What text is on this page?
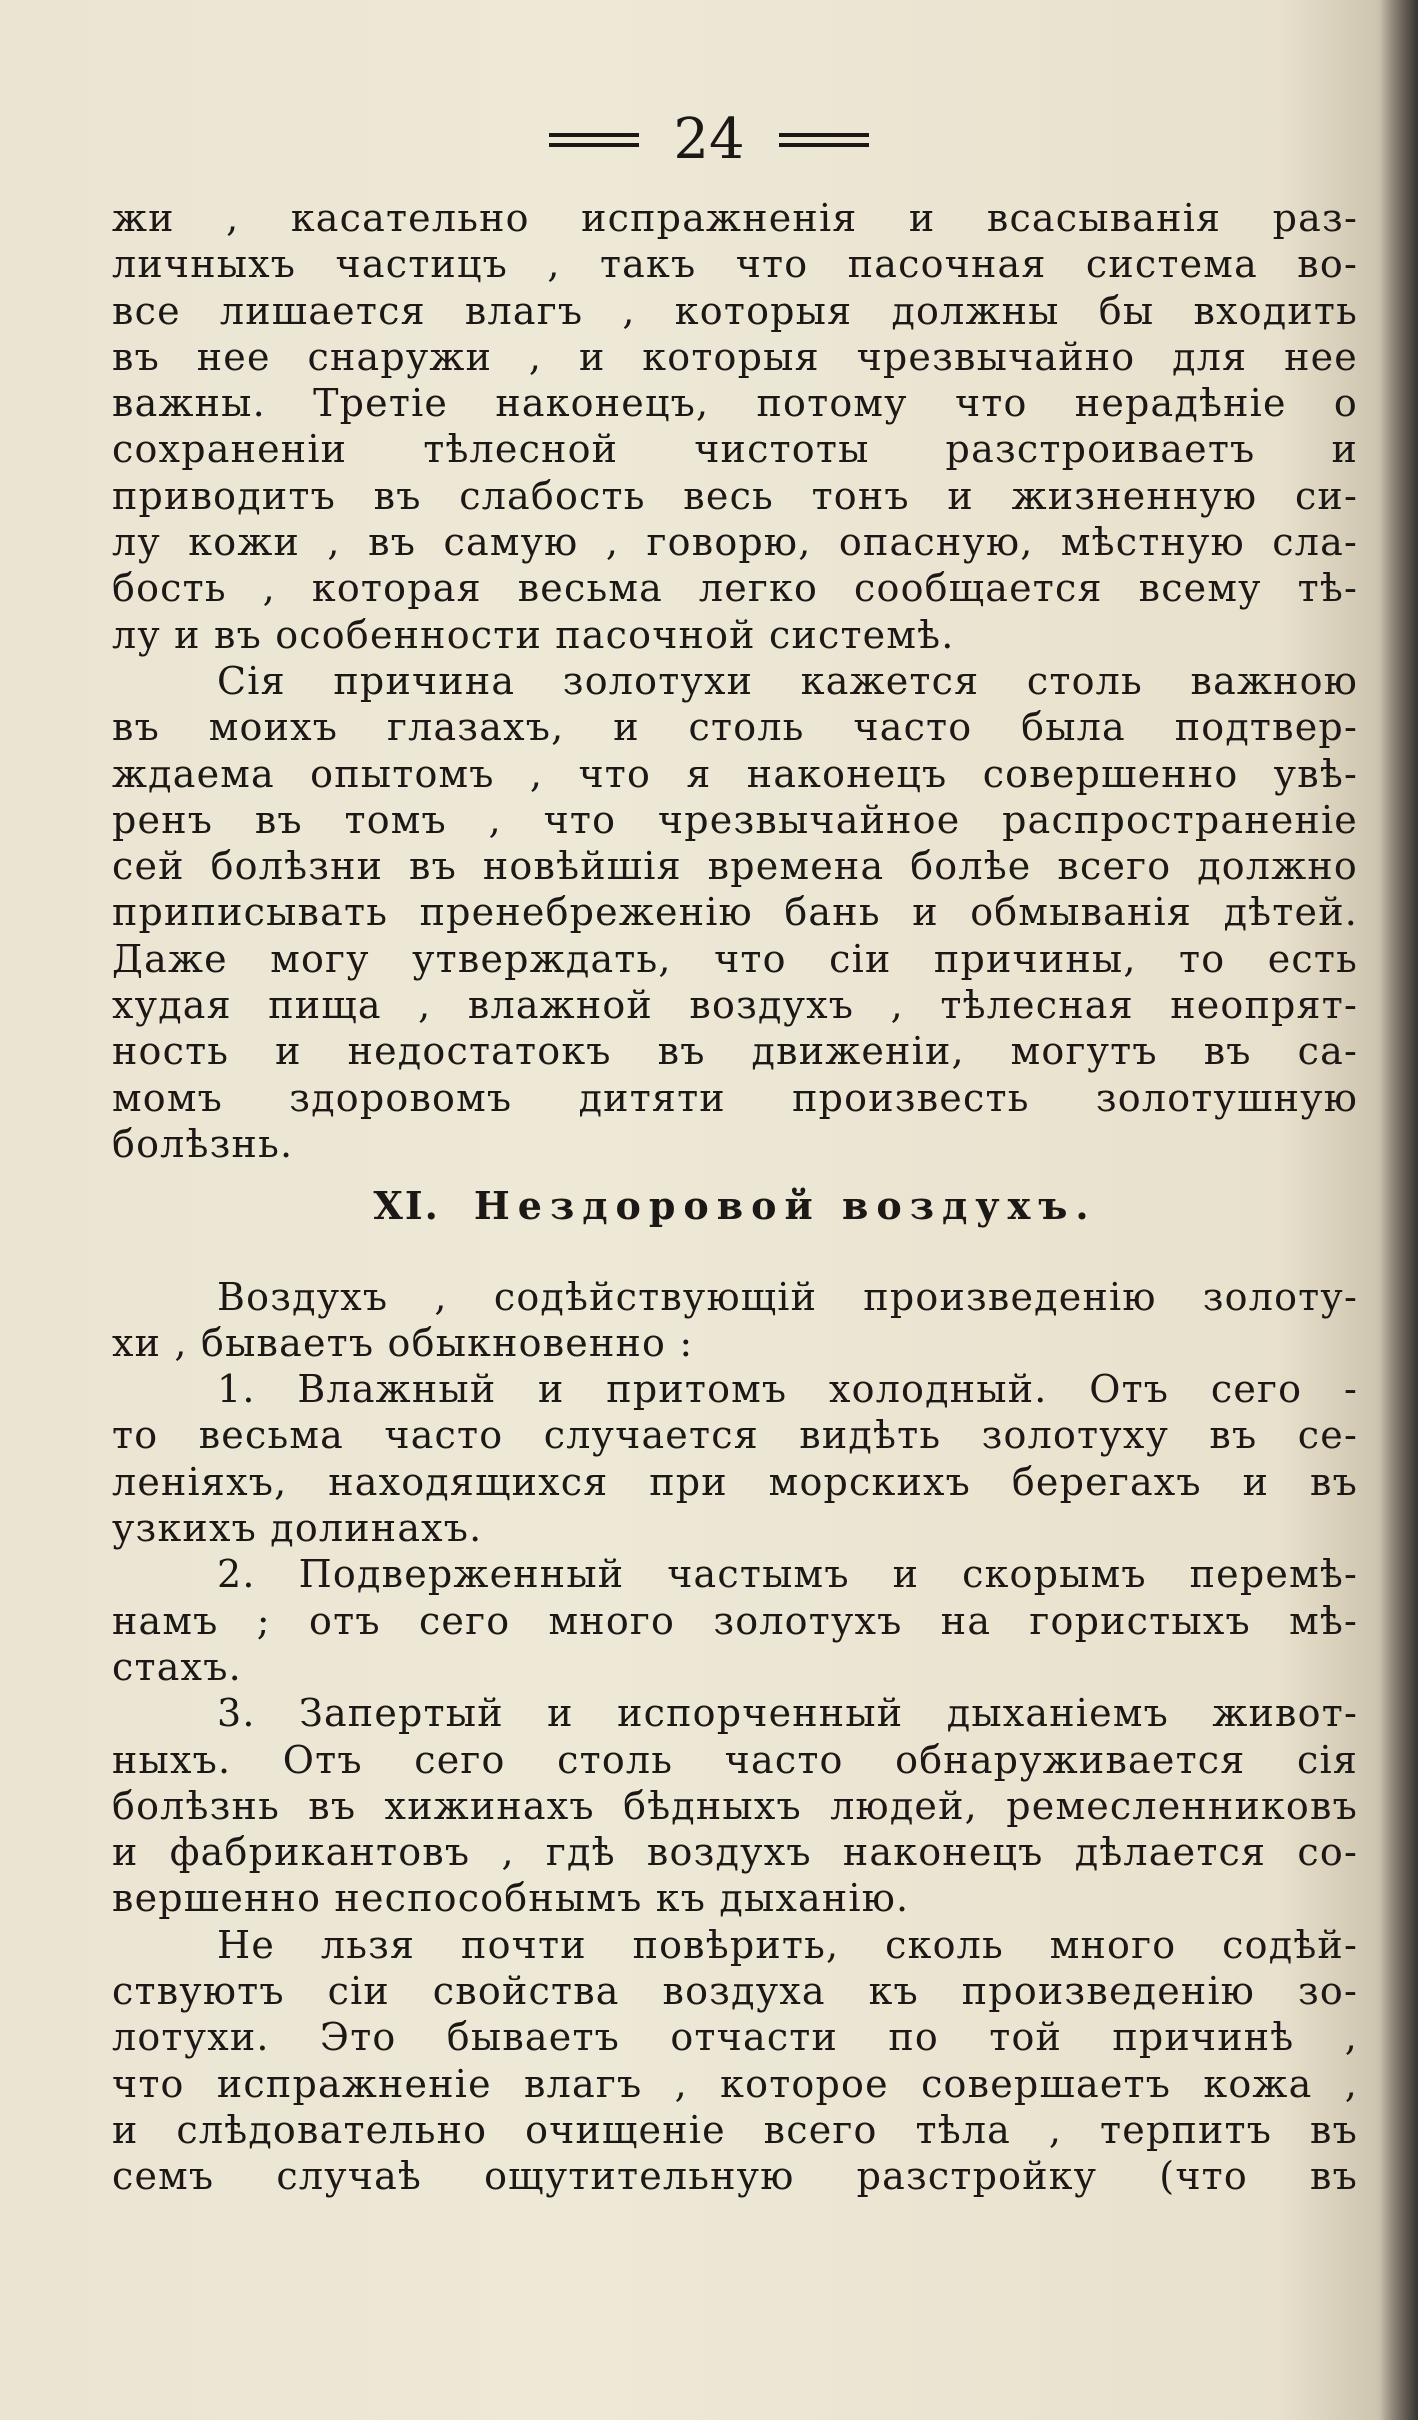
24
жи , касательно испражненія и всасыванія раз-
личныхъ частицъ , такъ что пасочная система во-
все лишается влагъ , которыя должны бы входить
въ нее снаружи , и которыя чрезвычайно для нее
важны. Третіе наконецъ, потому что нерадѣніе о
сохраненіи тѣлесной чистоты разстроиваетъ и
приводитъ въ слабость весь тонъ и жизненную си-
лу кожи , въ самую , говорю, опасную, мѣстную сла-
бость , которая весьма легко сообщается всему тѣ-
лу и въ особенности пасочной системѣ.
Сія причина золотухи кажется столь важною
въ моихъ глазахъ, и столь часто была подтвер-
ждаема опытомъ , что я наконецъ совершенно увѣ-
ренъ въ томъ , что чрезвычайное распространеніе
сей болѣзни въ новѣйшія времена болѣе всего должно
приписывать пренебреженію бань и обмыванія дѣтей.
Даже могу утверждать, что сіи причины, то есть
худая пища , влажной воздухъ , тѣлесная неопрят-
ность и недостатокъ въ движеніи, могутъ въ са-
момъ здоровомъ дитяти произвесть золотушную
болѣзнь.
XI. Нездоровой воздухъ.
Воздухъ , содѣйствующій произведенію золоту-
хи , бываетъ обыкновенно :
1. Влажный и притомъ холодный. Отъ сего -
то весьма часто случается видѣть золотуху въ се-
леніяхъ, находящихся при морскихъ берегахъ и въ
узкихъ долинахъ.
2. Подверженный частымъ и скорымъ перемѣ-
намъ ; отъ сего много золотухъ на гористыхъ мѣ-
стахъ.
3. Запертый и испорченный дыханіемъ живот-
ныхъ. Отъ сего столь часто обнаруживается сія
болѣзнь въ хижинахъ бѣдныхъ людей, ремесленниковъ
и фабрикантовъ , гдѣ воздухъ наконецъ дѣлается со-
вершенно неспособнымъ къ дыханію.
Не льзя почти повѣрить, сколь много содѣй-
ствуютъ сіи свойства воздуха къ произведенію зо-
лотухи. Это бываетъ отчасти по той причинѣ ,
что испражненіе влагъ , которое совершаетъ кожа ,
и слѣдовательно очищеніе всего тѣла , терпитъ въ
семъ случаѣ ощутительную разстройку (что въ
